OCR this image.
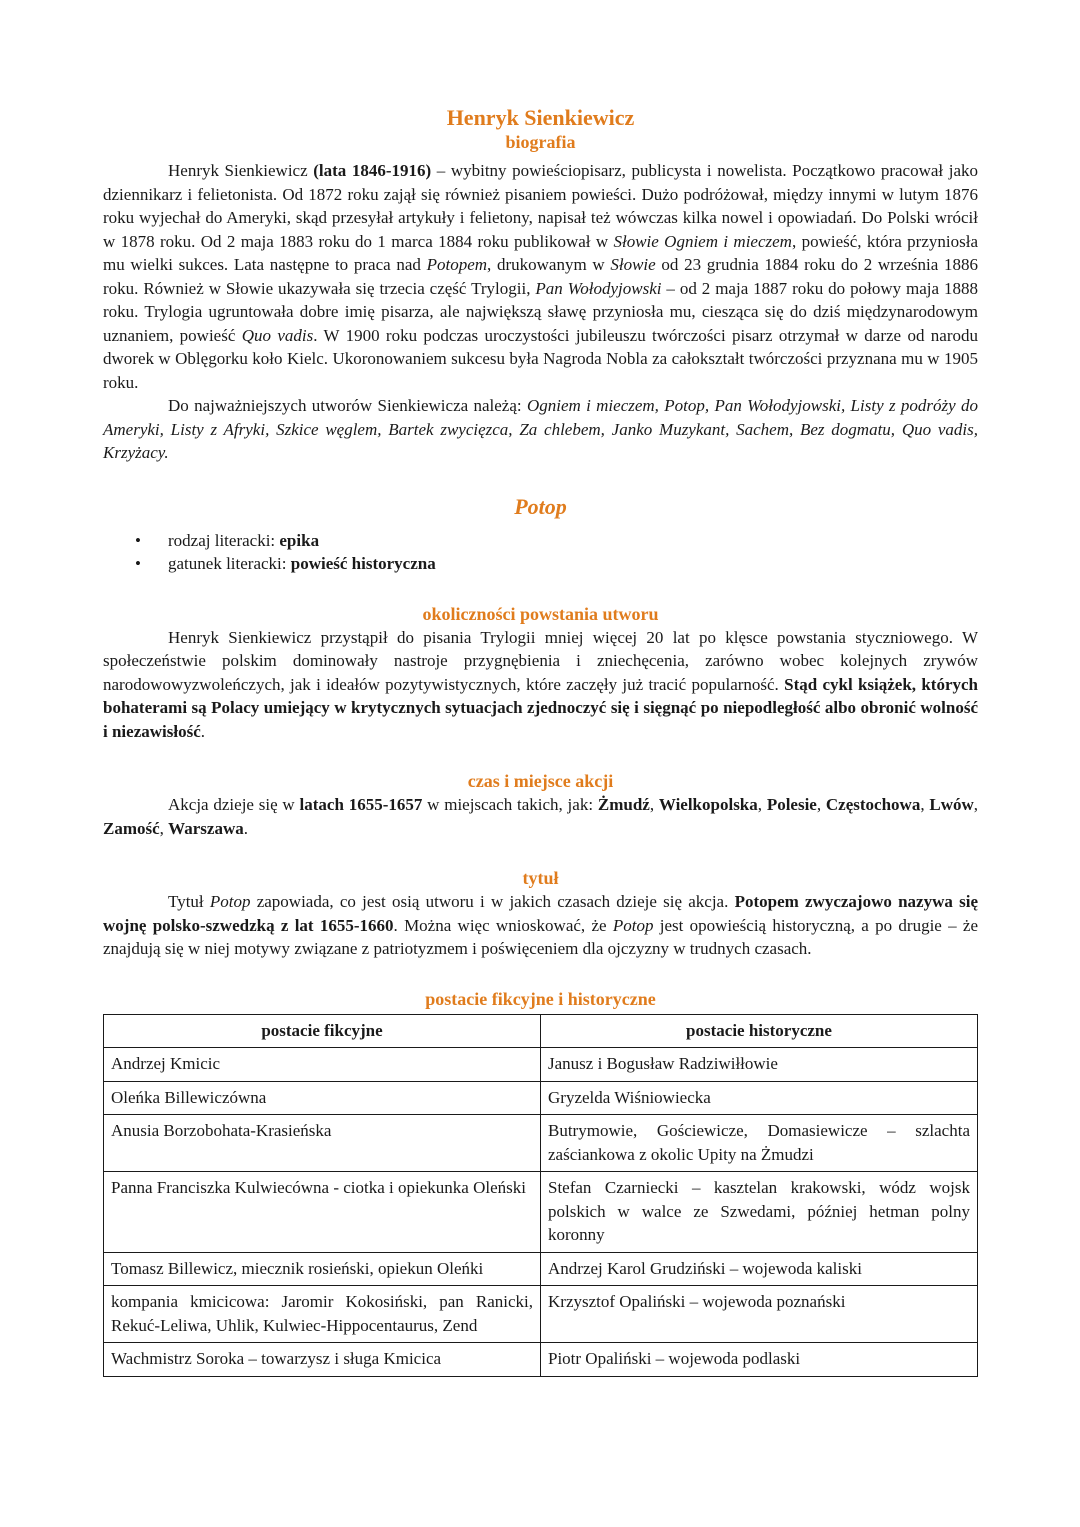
Henryk Sienkiewicz
biografia

Henryk Sienkiewicz (lata 1846-1916) – wybitny powieściopisarz, publicysta i nowelista. Początkowo pracował jako dziennikarz i felietonista. Od 1872 roku zajął się również pisaniem powieści. Dużo podróżował, między innymi w lutym 1876 roku wyjechał do Ameryki, skąd przesyłał artykuły i felietony, napisał też wówczas kilka nowel i opowiadań. Do Polski wrócił w 1878 roku. Od 2 maja 1883 roku do 1 marca 1884 roku publikował w Słowie Ogniem i mieczem, powieść, która przyniosła mu wielki sukces. Lata następne to praca nad Potopem, drukowanym w Słowie od 23 grudnia 1884 roku do 2 września 1886 roku. Również w Słowie ukazywała się trzecia część Trylogii, Pan Wołodyjowski – od 2 maja 1887 roku do połowy maja 1888 roku. Trylogia ugruntowała dobre imię pisarza, ale największą sławę przyniosła mu, ciesząca się do dziś międzynarodowym uznaniem, powieść Quo vadis. W 1900 roku podczas uroczystości jubileuszu twórczości pisarz otrzymał w darze od narodu dworek w Oblęgorku koło Kielc. Ukoronowaniem sukcesu była Nagroda Nobla za całokształt twórczości przyznana mu w 1905 roku.

Do najważniejszych utworów Sienkiewicza należą: Ogniem i mieczem, Potop, Pan Wołodyjowski, Listy z podróży do Ameryki, Listy z Afryki, Szkice węglem, Bartek zwycięzca, Za chlebem, Janko Muzykant, Sachem, Bez dogmatu, Quo vadis, Krzyżacy.

Potop
•	rodzaj literacki: epika
•	gatunek literacki: powieść historyczna
okoliczności powstania utworu

Henryk Sienkiewicz przystąpił do pisania Trylogii mniej więcej 20 lat po klęsce powstania styczniowego. W społeczeństwie polskim dominowały nastroje przygnębienia i zniechęcenia, zarówno wobec kolejnych zrywów narodowowyzwoleńczych, jak i ideałów pozytywistycznych, które zaczęły już tracić popularność. Stąd cykl książek, których bohaterami są Polacy umiejący w krytycznych sytuacjach zjednoczyć się i sięgnąć po niepodległość albo obronić wolność i niezawisłość.

czas i miejsce akcji

Akcja dzieje się w latach 1655-1657 w miejscach takich, jak: Żmudź, Wielkopolska, Polesie, Częstochowa, Lwów, Zamość, Warszawa.

tytuł

Tytuł Potop zapowiada, co jest osią utworu i w jakich czasach dzieje się akcja. Potopem zwyczajowo nazywa się wojnę polsko-szwedzką z lat 1655-1660. Można więc wnioskować, że Potop jest opowieścią historyczną, a po drugie – że znajdują się w niej motywy związane z patriotyzmem i poświęceniem dla ojczyzny w trudnych czasach.

postacie fikcyjne i historyczne
postacie fikcyjne	postacie historyczne
Andrzej Kmicic	Janusz i Bogusław Radziwiłłowie
Oleńka Billewiczówna	Gryzelda Wiśniowiecka
Anusia Borzobohata-Krasieńska	Butrymowie, Gościewicze, Domasiewicze – szlachta zaściankowa z okolic Upity na Żmudzi
Panna Franciszka Kulwiecówna - ciotka i opiekunka Oleński	Stefan Czarniecki – kasztelan krakowski, wódz wojsk polskich w walce ze Szwedami, później hetman polny koronny
Tomasz Billewicz, miecznik rosieński, opiekun Oleńki	Andrzej Karol Grudziński – wojewoda kaliski
kompania kmicicowa: Jaromir Kokosiński, pan Ranicki, Rekuć-Leliwa, Uhlik, Kulwiec-Hippocentaurus, Zend	Krzysztof Opaliński – wojewoda poznański
Wachmistrz Soroka – towarzysz i sługa Kmicica	Piotr Opaliński – wojewoda podlaski
